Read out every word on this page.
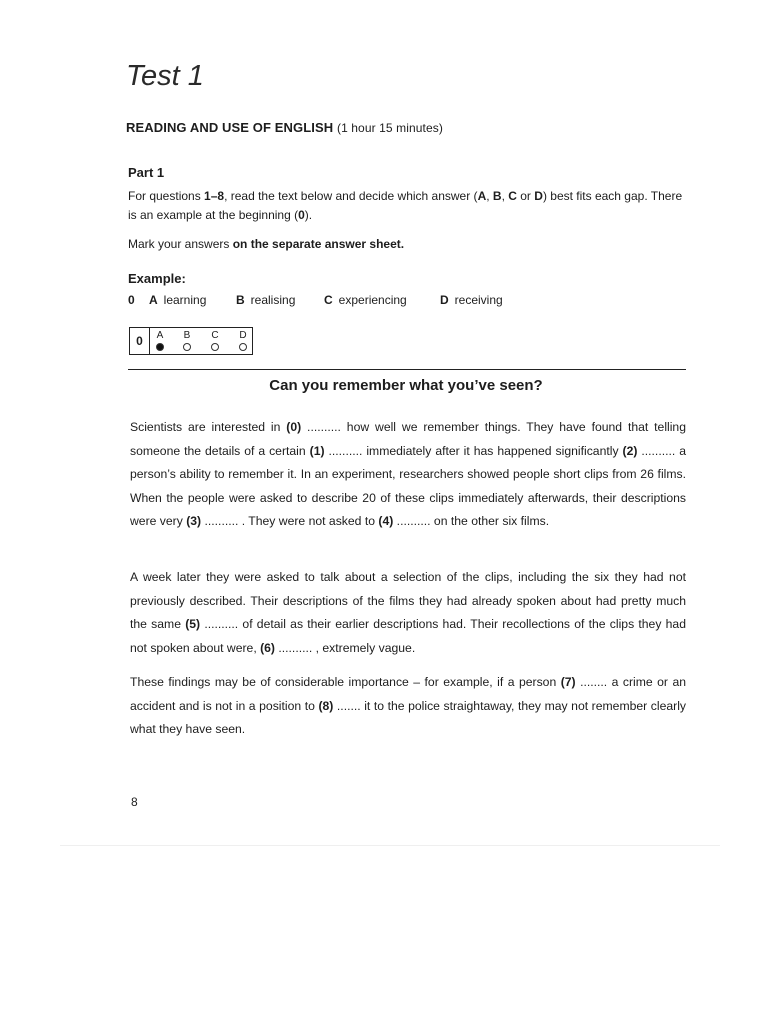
Test 1
READING AND USE OF ENGLISH (1 hour 15 minutes)
Part 1
For questions 1–8, read the text below and decide which answer (A, B, C or D) best fits each gap. There is an example at the beginning (0).
Mark your answers on the separate answer sheet.
Example:
0	A learning B realising C experiencing	D receiving
0	A B C D
Can you remember what you’ve seen?

Scientists are interested in (0) .......... how well we remember things. They have found that telling someone the details of a certain (1) .......... immediately after it has happened significantly (2) .......... a person’s ability to remember it. In an experiment, researchers showed people short clips from 26 films. When the people were asked to describe 20 of these clips immediately afterwards, their descriptions were very (3) .......... . They were not asked to (4) .......... on the other six films.

A week later they were asked to talk about a selection of the clips, including the six they had not previously described. Their descriptions of the films they had already spoken about had pretty much the same (5) .......... of detail as their earlier descriptions had. Their recollections of the clips they had not spoken about were, (6) .......... , extremely vague.

These findings may be of considerable importance – for example, if a person (7) ........ a crime or an accident and is not in a position to (8) ....... it to the police straightaway, they may not remember clearly what they have seen.

8
